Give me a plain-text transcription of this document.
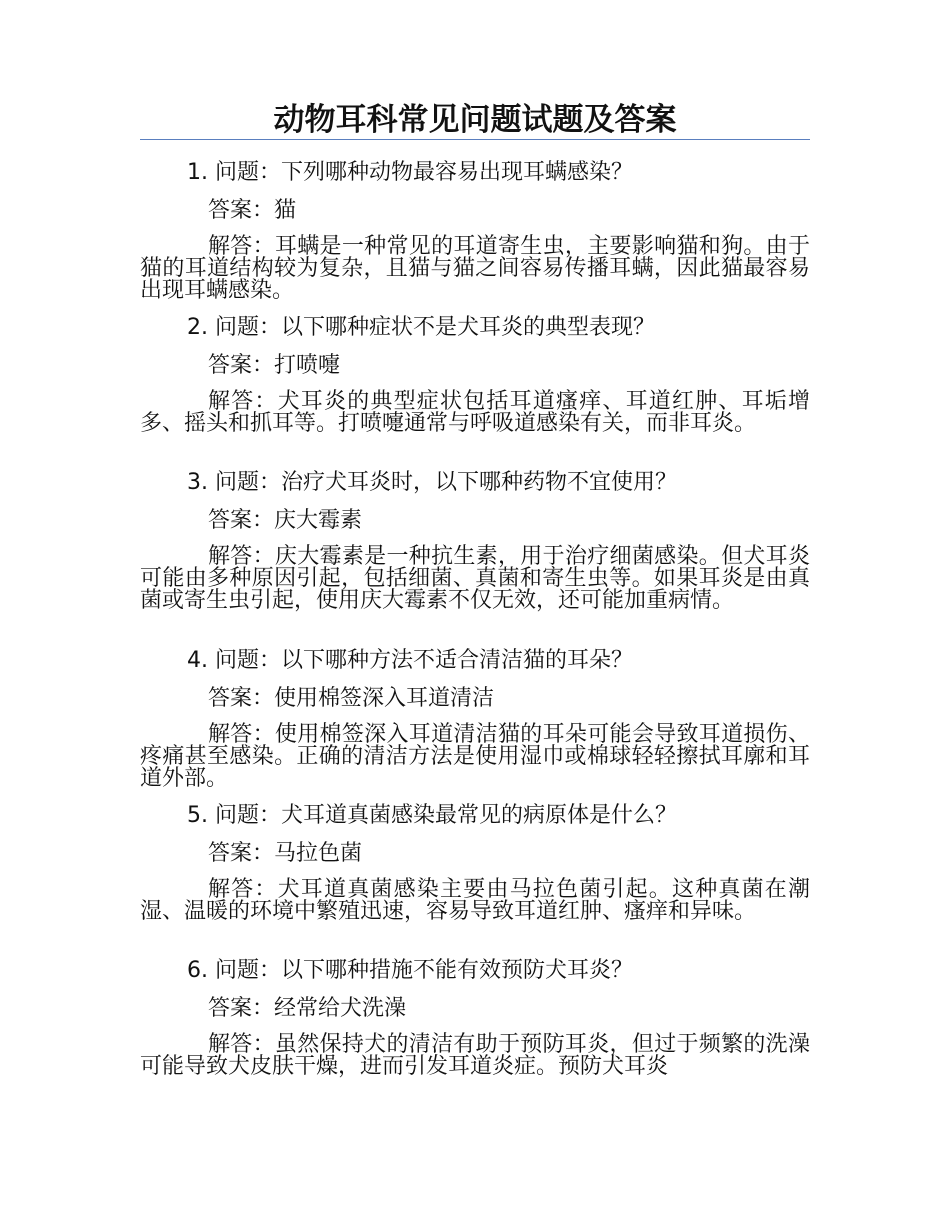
动物耳科常见问题试题及答案
1. 问题：下列哪种动物最容易出现耳螨感染？
答案：猫
解答：耳螨是一种常见的耳道寄生虫，主要影响猫和狗。由于猫的耳道结构较为复杂，且猫与猫之间容易传播耳螨，因此猫最容易出现耳螨感染。
2. 问题：以下哪种症状不是犬耳炎的典型表现？
答案：打喷嚏
解答：犬耳炎的典型症状包括耳道瘙痒、耳道红肿、耳垢增多、摇头和抓耳等。打喷嚏通常与呼吸道感染有关，而非耳炎。
3. 问题：治疗犬耳炎时，以下哪种药物不宜使用？
答案：庆大霉素
解答：庆大霉素是一种抗生素，用于治疗细菌感染。但犬耳炎可能由多种原因引起，包括细菌、真菌和寄生虫等。如果耳炎是由真菌或寄生虫引起，使用庆大霉素不仅无效，还可能加重病情。
4. 问题：以下哪种方法不适合清洁猫的耳朵？
答案：使用棉签深入耳道清洁
解答：使用棉签深入耳道清洁猫的耳朵可能会导致耳道损伤、疼痛甚至感染。正确的清洁方法是使用湿巾或棉球轻轻擦拭耳廓和耳道外部。
5. 问题：犬耳道真菌感染最常见的病原体是什么？
答案：马拉色菌
解答：犬耳道真菌感染主要由马拉色菌引起。这种真菌在潮湿、温暖的环境中繁殖迅速，容易导致耳道红肿、瘙痒和异味。
6. 问题：以下哪种措施不能有效预防犬耳炎？
答案：经常给犬洗澡
解答：虽然保持犬的清洁有助于预防耳炎，但过于频繁的洗澡可能导致犬皮肤干燥，进而引发耳道炎症。预防犬耳炎
